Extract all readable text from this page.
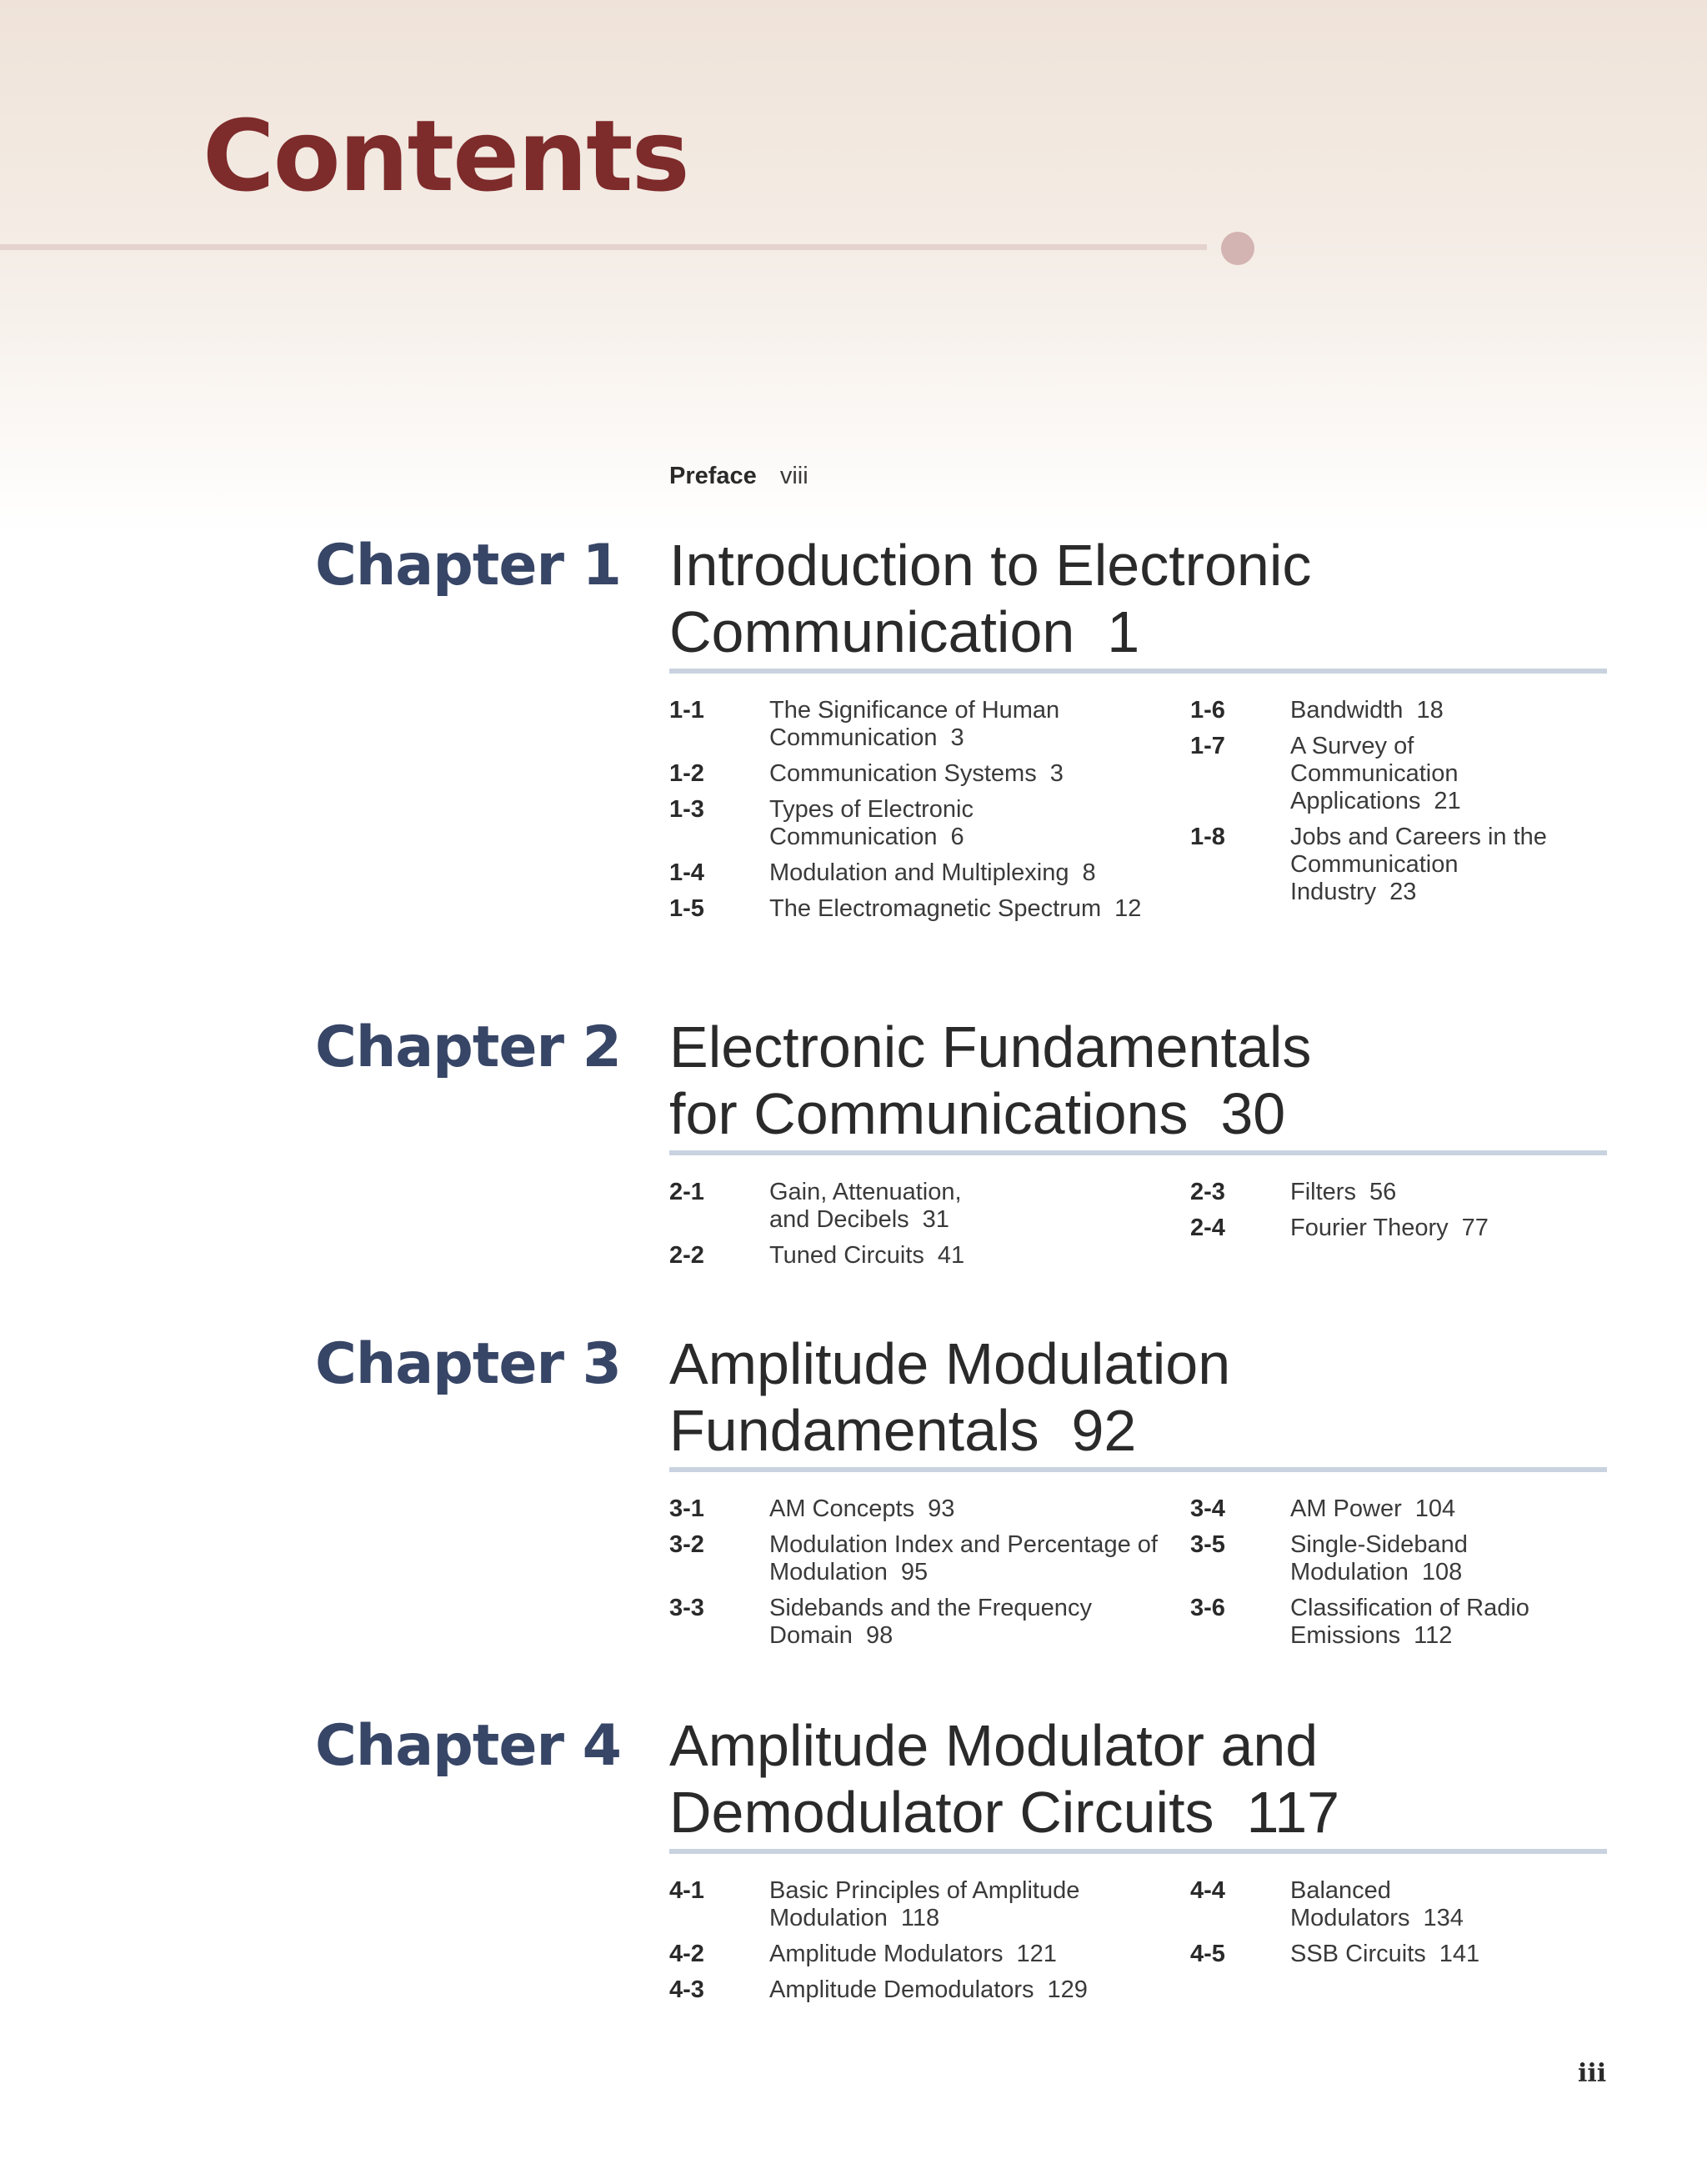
Contents
Preface viii
Chapter 1 Introduction to Electronic
Communication 1
1-1	The Significance of Human Communication 3
1-2	Communication Systems 3
1-3	Types of Electronic Communication 6
1-4	Modulation and Multiplexing 8
1-5	The Electromagnetic Spectrum 12
1-6	Bandwidth 18
1-7	A Survey of Communication Applications 21
1-8	Jobs and Careers in the Communication Industry 23
Chapter 2 Electronic Fundamentals
for Communications 30
2-1	Gain, Attenuation, and Decibels 31
2-2	Tuned Circuits 41
2-3	Filters 56
2-4	Fourier Theory 77
Chapter 3 Amplitude Modulation
Fundamentals 92
3-1	AM Concepts 93
3-2	Modulation Index and Percentage of Modulation 95
3-3	Sidebands and the Frequency Domain 98
3-4	AM Power 104
3-5	Single-Sideband Modulation 108
3-6	Classification of Radio Emissions 112
Chapter 4 Amplitude Modulator and
Demodulator Circuits 117
4-1	Basic Principles of Amplitude Modulation 118
4-2	Amplitude Modulators 121
4-3	Amplitude Demodulators 129
4-4	Balanced Modulators 134
4-5	SSB Circuits 141
iii
